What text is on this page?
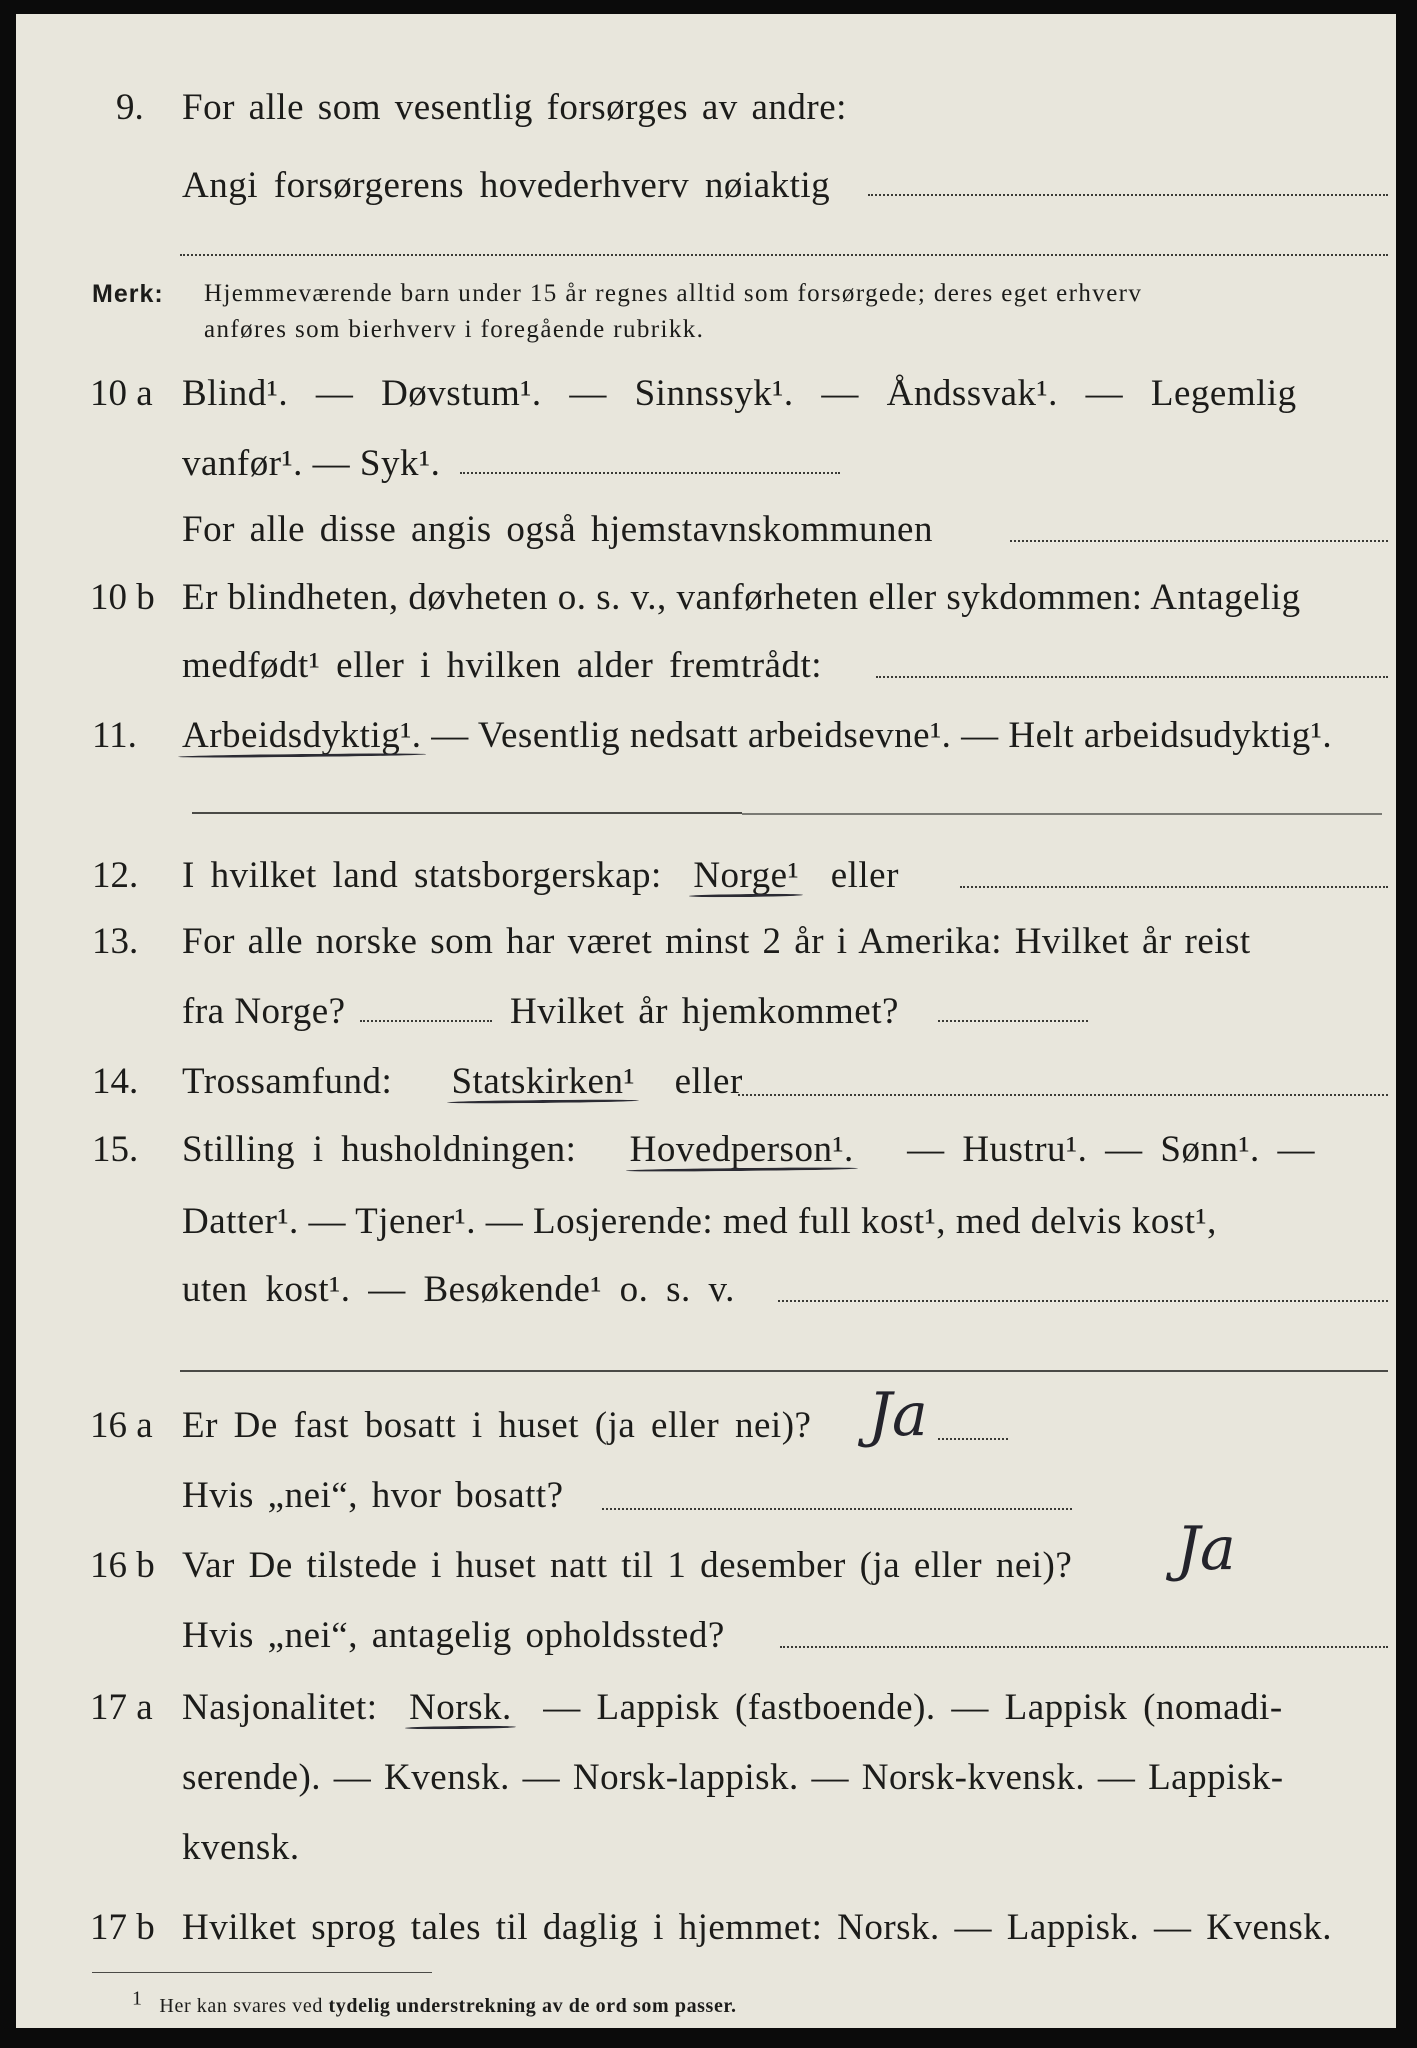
9. For alle som vesentlig forsørges av andre:
Angi forsørgerens hovederhverv nøiaktig
Merk: Hjemmeværende barn under 15 år regnes alltid som forsørgede; deres eget erhverv
anføres som bierhverv i foregående rubrikk.
10 a Blind¹. — Døvstum¹. — Sinnssyk¹. — Åndssvak¹. — Legemlig
vanfør¹. — Syk¹.
For alle disse angis også hjemstavnskommunen
10 b Er blindheten, døvheten o. s. v., vanførheten eller sykdommen: Antagelig
medfødt¹ eller i hvilken alder fremtrådt:
11. Arbeidsdyktig¹. — Vesentlig nedsatt arbeidsevne¹. — Helt arbeidsudyktig¹.
12. I hvilket land statsborgerskap: Norge¹ eller
13. For alle norske som har været minst 2 år i Amerika: Hvilket år reist
fra Norge?	Hvilket år hjemkommet?
14. Trossamfund: Statskirken¹ eller
15. Stilling i husholdningen: Hovedperson¹. — Hustru¹. — Sønn¹. —
Datter¹. — Tjener¹. — Losjerende: med full kost¹, med delvis kost¹,
uten kost¹. — Besøkende¹ o. s. v.
16 a Er De fast bosatt i huset (ja eller nei)? Ja
Hvis „nei“, hvor bosatt?
16 b Var De tilstede i huset natt til 1 desember (ja eller nei)? Ja
Hvis „nei“, antagelig opholdssted?
17 a Nasjonalitet: Norsk. — Lappisk (fastboende). — Lappisk (nomadi-
serende). — Kvensk. — Norsk-lappisk. — Norsk-kvensk. — Lappisk-
kvensk.
17 b Hvilket sprog tales til daglig i hjemmet: Norsk. — Lappisk. — Kvensk.
$^1$ Her kan svares ved tydelig understrekning av de ord som passer.
